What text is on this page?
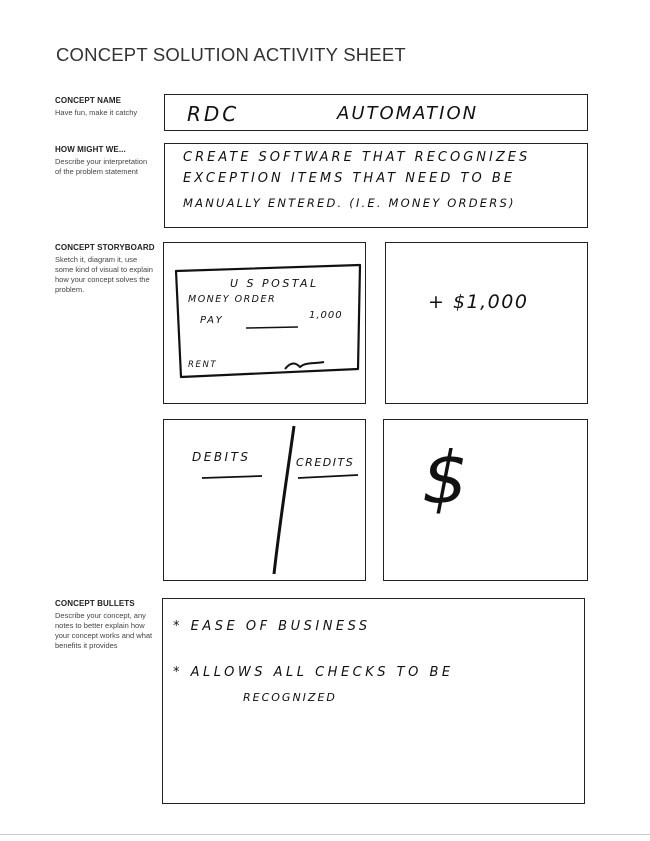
CONCEPT SOLUTION ACTIVITY SHEET
CONCEPT NAME
Have fun, make it catchy	RDC	AUTOMATION
HOW MIGHT WE...
Describe your interpretation of the problem statement
CREATE SOFTWARE THAT RECOGNIZES
EXCEPTION ITEMS THAT NEED TO BE
MANUALLY ENTERED. (I.E. MONEY ORDERS)
CONCEPT STORYBOARD
Sketch it, diagram it, use some kind of visual to explain how your concept solves the problem.	U S POSTAL
MONEY ORDER
PAY	1,000
RENT
+ $1,000
DEBITS	CREDITS $
CONCEPT BULLETS
Describe your concept, any notes to better explain how your concept works and what benefits it provides
* EASE OF BUSINESS
* ALLOWS ALL CHECKS TO BE
RECOGNIZED
